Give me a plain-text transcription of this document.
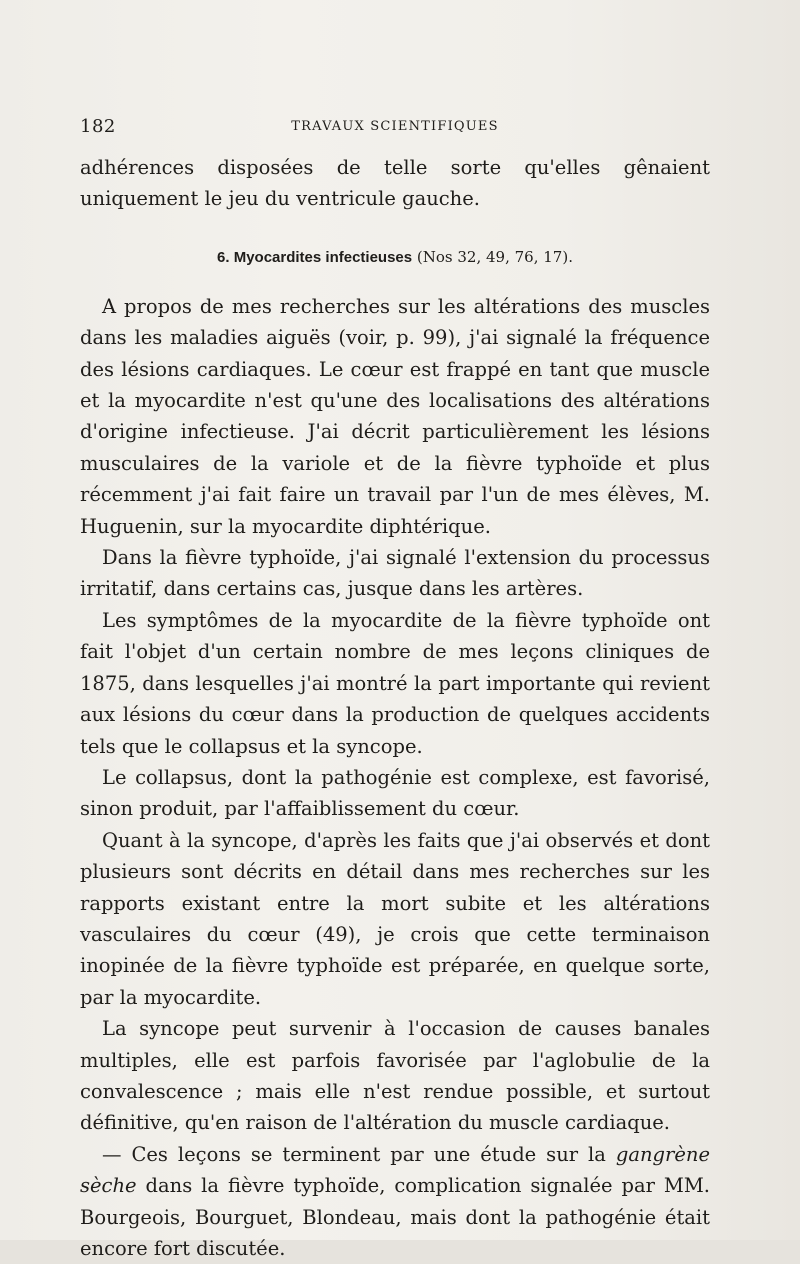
182	TRAVAUX SCIENTIFIQUES

adhérences disposées de telle sorte qu'elles gênaient uniquement le jeu du ventricule gauche.

6. Myocardites infectieuses (Nos 32, 49, 76, 17).

A propos de mes recherches sur les altérations des muscles dans les maladies aiguës (voir, p. 99), j'ai signalé la fréquence des lésions cardiaques. Le cœur est frappé en tant que muscle et la myocardite n'est qu'une des localisations des altérations d'origine infectieuse. J'ai décrit particulièrement les lésions musculaires de la variole et de la fièvre typhoïde et plus récemment j'ai fait faire un travail par l'un de mes élèves, M. Huguenin, sur la myocardite diphtérique.

Dans la fièvre typhoïde, j'ai signalé l'extension du processus irritatif, dans certains cas, jusque dans les artères.

Les symptômes de la myocardite de la fièvre typhoïde ont fait l'objet d'un certain nombre de mes leçons cliniques de 1875, dans lesquelles j'ai montré la part importante qui revient aux lésions du cœur dans la production de quelques accidents tels que le collapsus et la syncope.

Le collapsus, dont la pathogénie est complexe, est favorisé, sinon produit, par l'affaiblissement du cœur.

Quant à la syncope, d'après les faits que j'ai observés et dont plusieurs sont décrits en détail dans mes recherches sur les rapports existant entre la mort subite et les altérations vasculaires du cœur (49), je crois que cette terminaison inopinée de la fièvre typhoïde est préparée, en quelque sorte, par la myocardite.

La syncope peut survenir à l'occasion de causes banales multiples, elle est parfois favorisée par l'aglobulie de la convalescence ; mais elle n'est rendue possible, et surtout définitive, qu'en raison de l'altération du muscle cardiaque.

— Ces leçons se terminent par une étude sur la gangrène sèche dans la fièvre typhoïde, complication signalée par MM. Bourgeois, Bourguet, Blondeau, mais dont la pathogénie était encore fort discutée.
